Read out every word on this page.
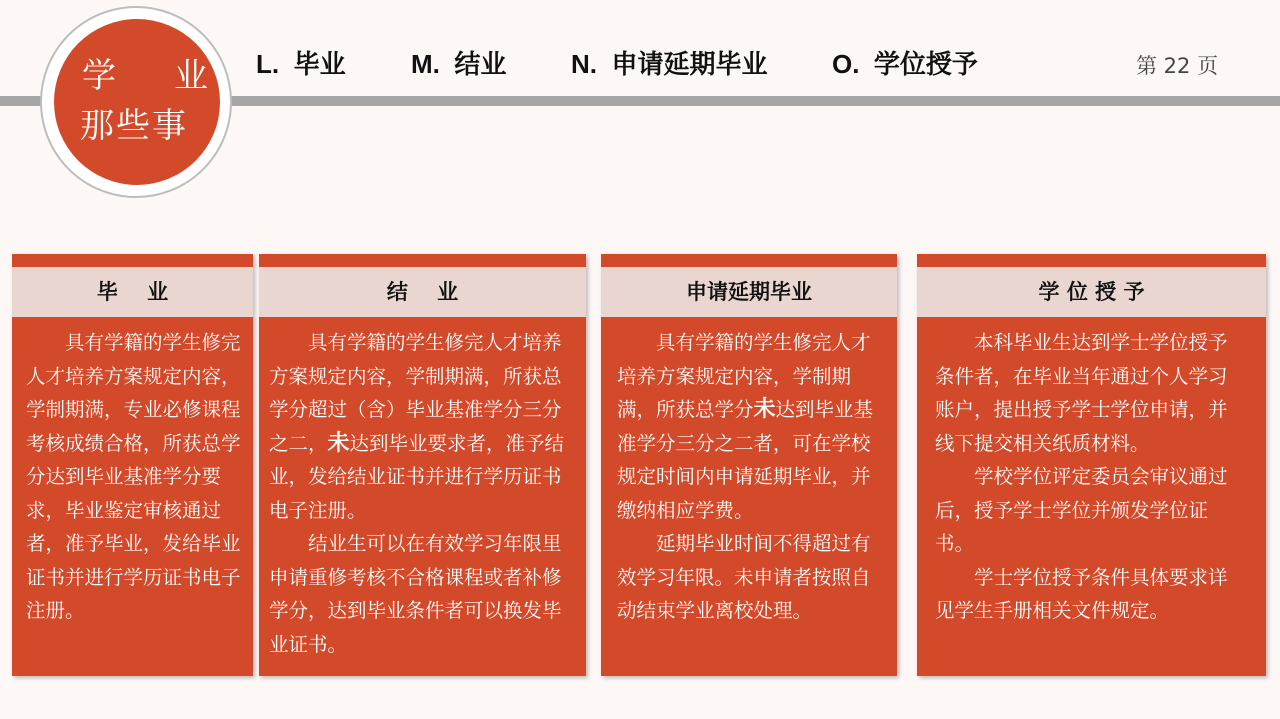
学 业
那些事
L. 毕业	M. 结业 N. 申请延期毕业 O. 学位授予	第 22 页
毕    业

具有学籍的学生修完人才培养方案规定内容，学制期满，专业必修课程考核成绩合格，所获总学分达到毕业基准学分要求，毕业鉴定审核通过者，准予毕业，发给毕业证书并进行学历证书电子注册。

结    业

具有学籍的学生修完人才培养方案规定内容，学制期满，所获总学分超过（含）毕业基准学分三分之二，未达到毕业要求者，准予结业，发给结业证书并进行学历证书电子注册。

结业生可以在有效学习年限里申请重修考核不合格课程或者补修学分，达到毕业条件者可以换发毕业证书。

申请延期毕业

具有学籍的学生修完人才培养方案规定内容，学制期满，所获总学分未达到毕业基准学分三分之二者，可在学校规定时间内申请延期毕业，并缴纳相应学费。

延期毕业时间不得超过有效学习年限。未申请者按照自动结束学业离校处理。

学 位 授 予

本科毕业生达到学士学位授予条件者，在毕业当年通过个人学习账户，提出授予学士学位申请，并线下提交相关纸质材料。

学校学位评定委员会审议通过后，授予学士学位并颁发学位证书。

学士学位授予条件具体要求详见学生手册相关文件规定。
